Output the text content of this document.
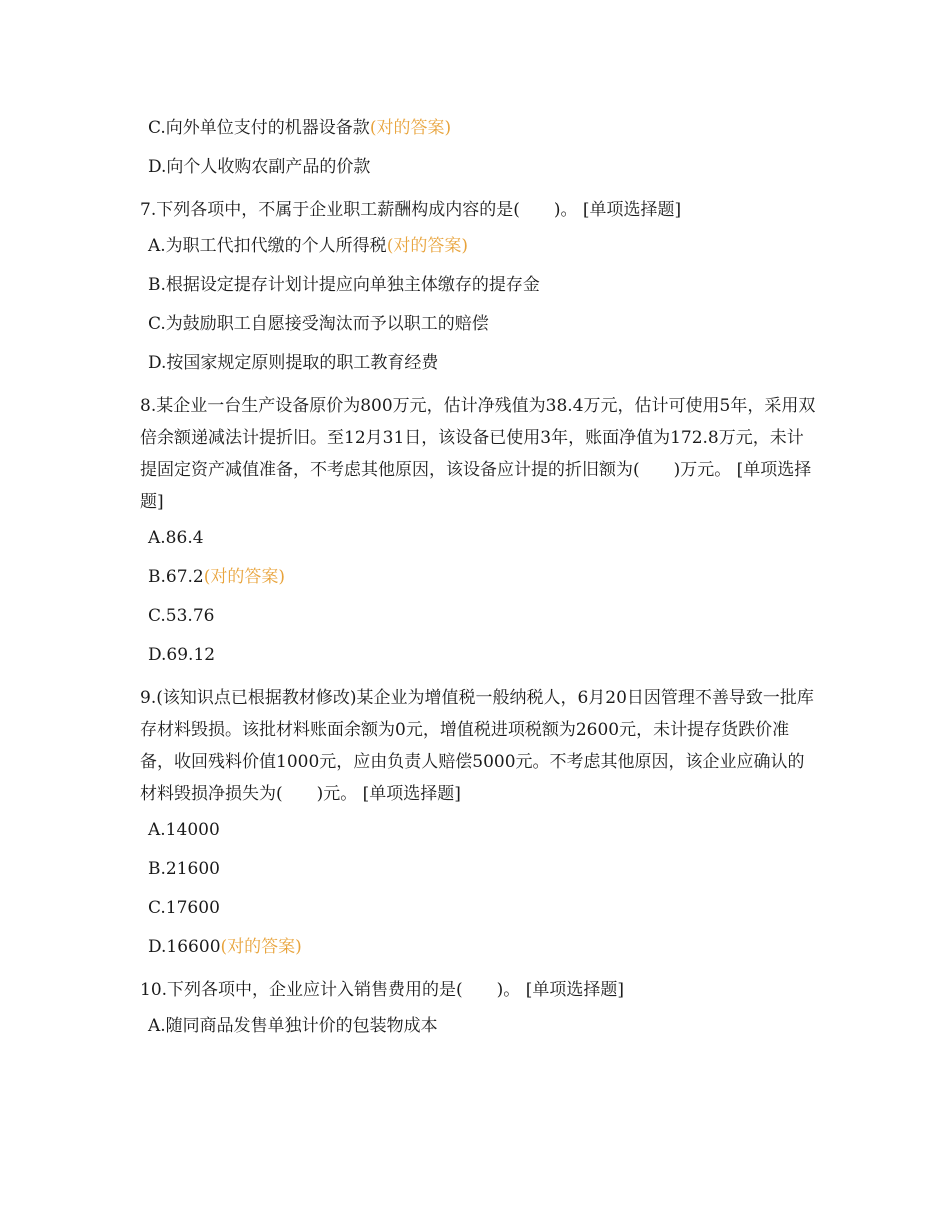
C.向外单位支付的机器设备款(对的答案)

D.向个人收购农副产品的价款

7.下列各项中，不属于企业职工薪酬构成内容的是(　　)。 [单项选择题]

A.为职工代扣代缴的个人所得税(对的答案)

B.根据设定提存计划计提应向单独主体缴存的提存金

C.为鼓励职工自愿接受淘汰而予以职工的赔偿

D.按国家规定原则提取的职工教育经费

8.某企业一台生产设备原价为800万元，估计净残值为38.4万元，估计可使用5年，采用双倍余额递减法计提折旧。至12月31日，该设备已使用3年，账面净值为172.8万元，未计提固定资产减值准备，不考虑其他原因，该设备应计提的折旧额为(　　)万元。 [单项选择题]

A.86.4

B.67.2(对的答案)

C.53.76

D.69.12

9.(该知识点已根据教材修改)某企业为增值税一般纳税人，6月20日因管理不善导致一批库存材料毁损。该批材料账面余额为0元，增值税进项税额为2600元，未计提存货跌价准备，收回残料价值1000元，应由负责人赔偿5000元。不考虑其他原因，该企业应确认的材料毁损净损失为(　　)元。 [单项选择题]

A.14000

B.21600

C.17600

D.16600(对的答案)

10.下列各项中，企业应计入销售费用的是(　　)。 [单项选择题]

A.随同商品发售单独计价的包装物成本
